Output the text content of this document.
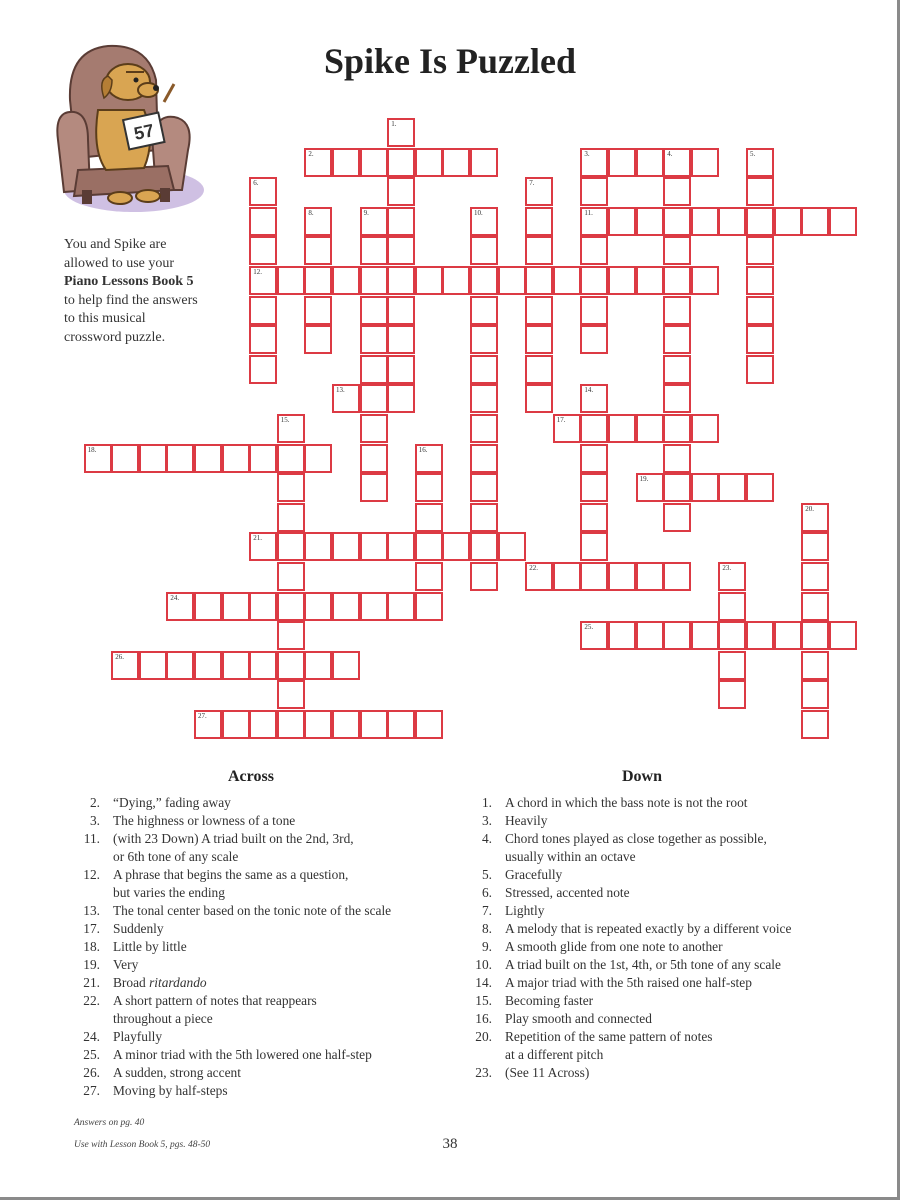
57
Spike Is Puzzled
You and Spike are allowed to use your Piano Lessons Book 5 to help find the answers to this musical crossword puzzle.
1.
2.	3.	4.
11.
5.
6.
12.
7.
8.	9.	10.
13.	14.
15.	17.
16.
18.
19.
20.
21.
22.	23.
24.
25.
26.
27.
Across	Down
2. “Dying,” fading away
3. The highness or lowness of a tone
11. (with 23 Down) A triad built on the 2nd, 3rd,
or 6th tone of any scale
12. A phrase that begins the same as a question,
but varies the ending
13. The tonal center based on the tonic note of the scale
17. Suddenly
18. Little by little
19. Very
21. Broad ritardando
22. A short pattern of notes that reappears
throughout a piece
24. Playfully
25. A minor triad with the 5th lowered one half-step
26. A sudden, strong accent
27. Moving by half-steps
1. A chord in which the bass note is not the root
3. Heavily
4. Chord tones played as close together as possible,
usually within an octave
5. Gracefully
6. Stressed, accented note
7. Lightly
8. A melody that is repeated exactly by a different voice
9. A smooth glide from one note to another
10. A triad built on the 1st, 4th, or 5th tone of any scale
14. A major triad with the 5th raised one half-step
15. Becoming faster
16. Play smooth and connected
20. Repetition of the same pattern of notes
at a different pitch
23. (See 11 Across)
Answers on pg. 40
Use with Lesson Book 5, pgs. 48-50	38
